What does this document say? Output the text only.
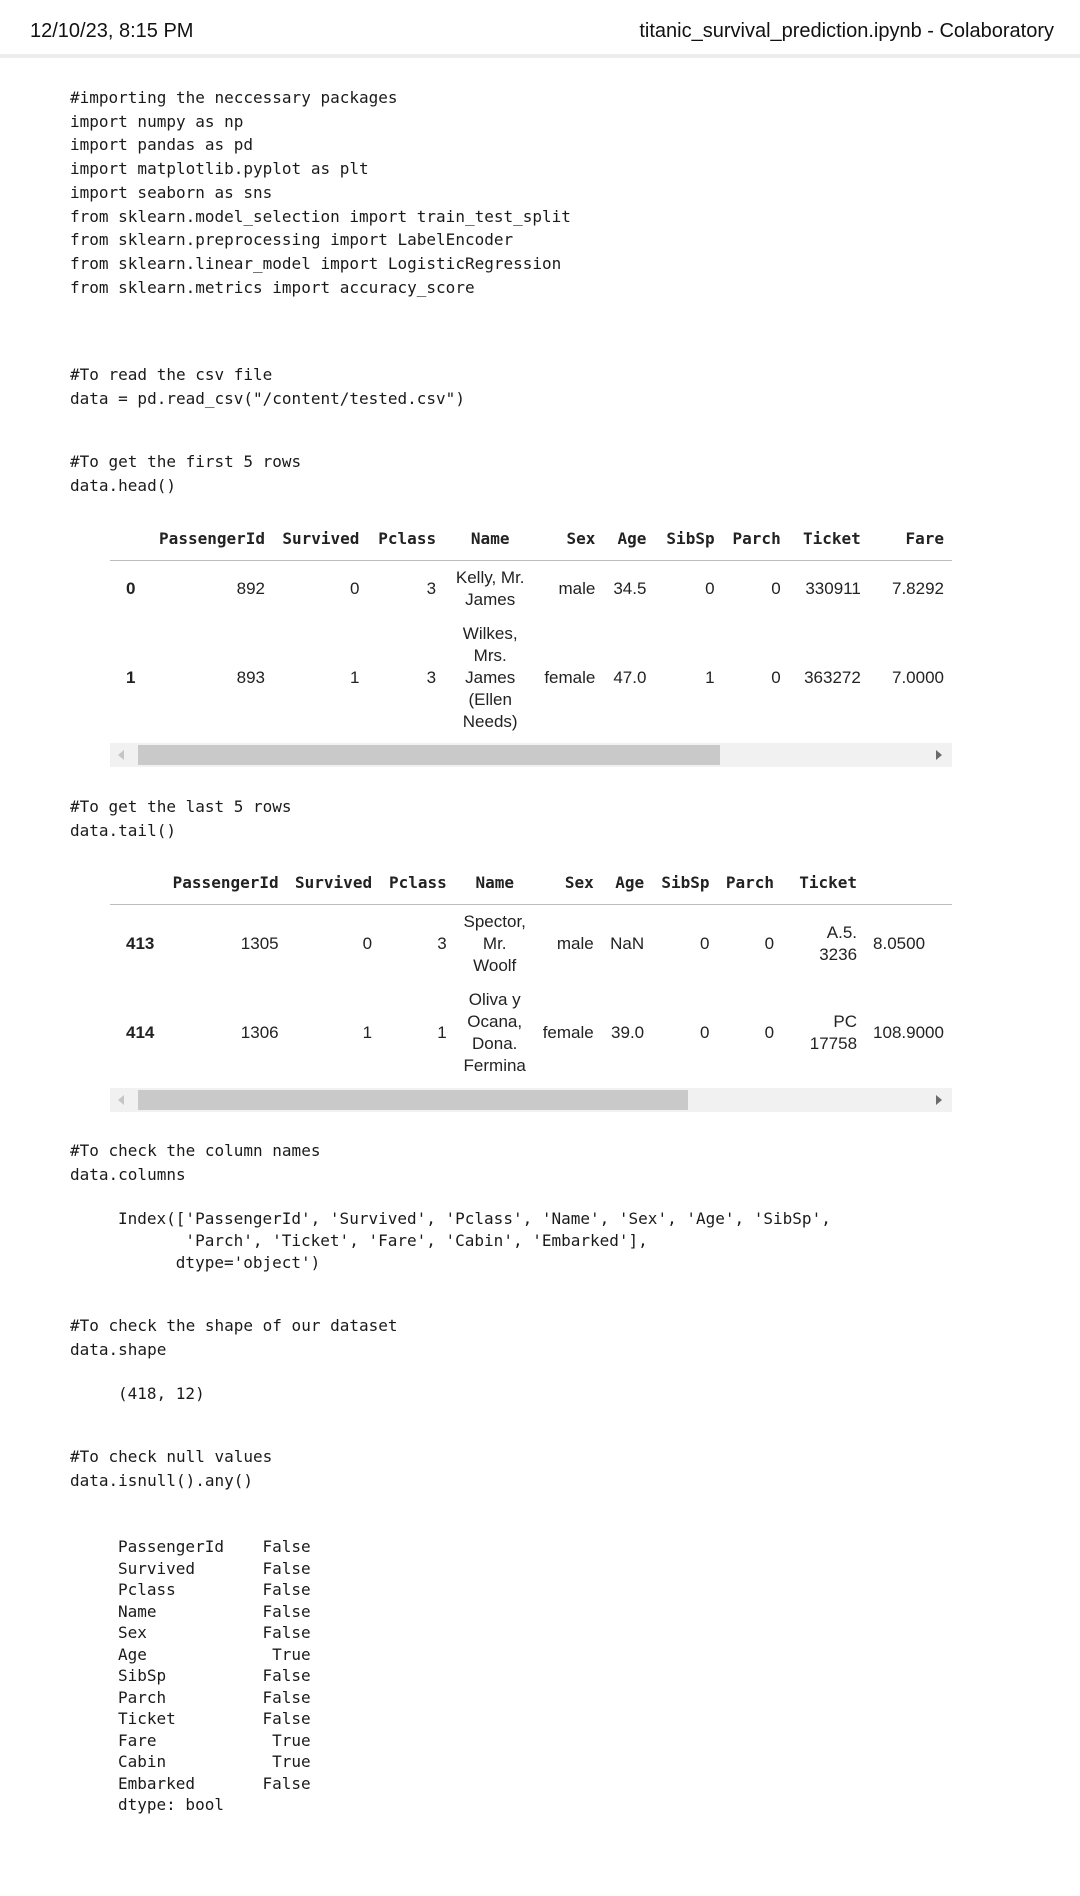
12/10/23, 8:15 PM	titanic_survival_prediction.ipynb - Colaboratory
#importing the neccessary packages
import numpy as np
import pandas as pd
import matplotlib.pyplot as plt
import seaborn as sns
from sklearn.model_selection import train_test_split
from sklearn.preprocessing import LabelEncoder
from sklearn.linear_model import LogisticRegression
from sklearn.metrics import accuracy_score
#To read the csv file
data = pd.read_csv("/content/tested.csv")
#To get the first 5 rows
data.head()
	PassengerId	Survived	Pclass	Name	Sex	Age	SibSp	Parch	Ticket	Fare
0	892	0	3	Kelly, Mr. James	male	34.5	0	0	330911	7.8292
1	893	1	3	Wilkes, Mrs. James (Ellen Needs)	female	47.0	1	0	363272	7.0000
#To get the last 5 rows
data.tail()
	PassengerId	Survived	Pclass	Name	Sex	Age	SibSp	Parch	Ticket	
413	1305	0	3	Spector, Mr. Woolf	male	NaN	0	0	A.5. 3236	8.0500
414	1306	1	1	Oliva y Ocana, Dona. Fermina	female	39.0	0	0	PC 17758	108.9000
#To check the column names
data.columns
Index(['PassengerId', 'Survived', 'Pclass', 'Name', 'Sex', 'Age', 'SibSp',
'Parch', 'Ticket', 'Fare', 'Cabin', 'Embarked'],
dtype='object')
#To check the shape of our dataset
data.shape
(418, 12)
#To check null values
data.isnull().any()
PassengerId    False
Survived       False
Pclass         False
Name           False
Sex            False
Age             True
SibSp          False
Parch          False
Ticket         False
Fare            True
Cabin           True
Embarked       False
dtype: bool
